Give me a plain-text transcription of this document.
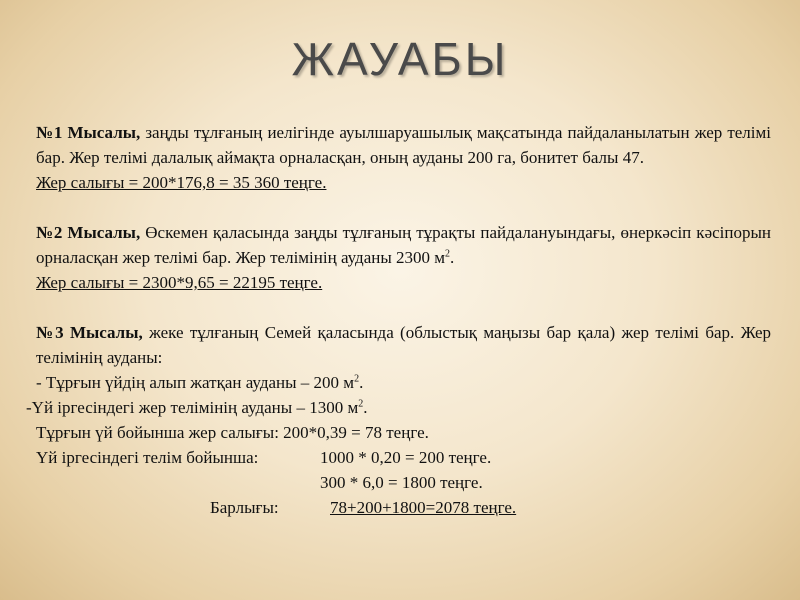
ЖАУАБЫ

№1 Мысалы, заңды тұлғаның иелігінде ауылшаруашылық мақсатында пайдаланылатын жер телімі бар. Жер телімі далалық аймақта орналасқан, оның ауданы 200 га, бонитет балы 47.

Жер салығы = 200*176,8 = 35 360 теңге.

№2 Мысалы, Өскемен қаласында заңды тұлғаның тұрақты пайдалануындағы, өнеркәсіп кәсіпорын орналасқан жер телімі бар. Жер телімінің ауданы 2300 $м^2$.

Жер салығы = 2300*9,65 = 22195 теңге.

№3 Мысалы, жеке тұлғаның Семей қаласында (облыстық маңызы бар қала) жер телімі бар. Жер телімінің ауданы:

- Тұрғын үйдің алып жатқан ауданы – 200 $м^2$.

-Үй іргесіндегі жер телімінің ауданы – 1300 $м^2$.

Тұрғын үй бойынша жер салығы: 200*0,39 = 78 теңге.

Үй іргесіндегі телім бойынша:	1000 * 0,20 = 200 теңге.

300 * 6,0 = 1800 теңге.

Барлығы:	78+200+1800=2078 теңге.
